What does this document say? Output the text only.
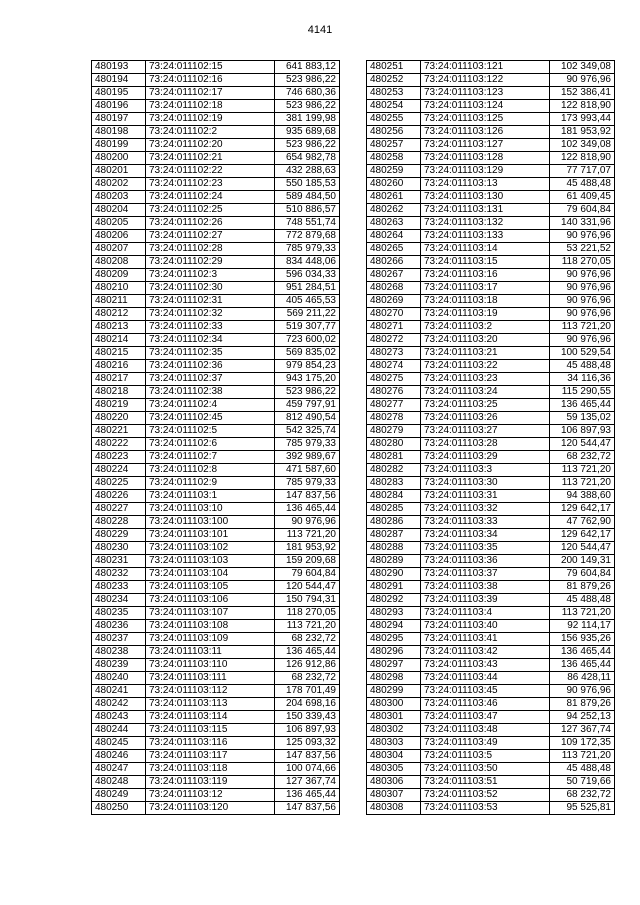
4141
480193	73:24:011102:15	641 883,12
480194	73:24:011102:16	523 986,22
480195	73:24:011102:17	746 680,36
480196	73:24:011102:18	523 986,22
480197	73:24:011102:19	381 199,98
480198	73:24:011102:2	935 689,68
480199	73:24:011102:20	523 986,22
480200	73:24:011102:21	654 982,78
480201	73:24:011102:22	432 288,63
480202	73:24:011102:23	550 185,53
480203	73:24:011102:24	589 484,50
480204	73:24:011102:25	510 886,57
480205	73:24:011102:26	748 551,74
480206	73:24:011102:27	772 879,68
480207	73:24:011102:28	785 979,33
480208	73:24:011102:29	834 448,06
480209	73:24:011102:3	596 034,33
480210	73:24:011102:30	951 284,51
480211	73:24:011102:31	405 465,53
480212	73:24:011102:32	569 211,22
480213	73:24:011102:33	519 307,77
480214	73:24:011102:34	723 600,02
480215	73:24:011102:35	569 835,02
480216	73:24:011102:36	979 854,23
480217	73:24:011102:37	943 175,20
480218	73:24:011102:38	523 986,22
480219	73:24:011102:4	459 797,91
480220	73:24:011102:45	812 490,54
480221	73:24:011102:5	542 325,74
480222	73:24:011102:6	785 979,33
480223	73:24:011102:7	392 989,67
480224	73:24:011102:8	471 587,60
480225	73:24:011102:9	785 979,33
480226	73:24:011103:1	147 837,56
480227	73:24:011103:10	136 465,44
480228	73:24:011103:100	90 976,96
480229	73:24:011103:101	113 721,20
480230	73:24:011103:102	181 953,92
480231	73:24:011103:103	159 209,68
480232	73:24:011103:104	79 604,84
480233	73:24:011103:105	120 544,47
480234	73:24:011103:106	150 794,31
480235	73:24:011103:107	118 270,05
480236	73:24:011103:108	113 721,20
480237	73:24:011103:109	68 232,72
480238	73:24:011103:11	136 465,44
480239	73:24:011103:110	126 912,86
480240	73:24:011103:111	68 232,72
480241	73:24:011103:112	178 701,49
480242	73:24:011103:113	204 698,16
480243	73:24:011103:114	150 339,43
480244	73:24:011103:115	106 897,93
480245	73:24:011103:116	125 093,32
480246	73:24:011103:117	147 837,56
480247	73:24:011103:118	100 074,66
480248	73:24:011103:119	127 367,74
480249	73:24:011103:12	136 465,44
480250	73:24:011103:120	147 837,56
480251	73:24:011103:121	102 349,08
480252	73:24:011103:122	90 976,96
480253	73:24:011103:123	152 386,41
480254	73:24:011103:124	122 818,90
480255	73:24:011103:125	173 993,44
480256	73:24:011103:126	181 953,92
480257	73:24:011103:127	102 349,08
480258	73:24:011103:128	122 818,90
480259	73:24:011103:129	77 717,07
480260	73:24:011103:13	45 488,48
480261	73:24:011103:130	61 409,45
480262	73:24:011103:131	79 604,84
480263	73:24:011103:132	140 331,96
480264	73:24:011103:133	90 976,96
480265	73:24:011103:14	53 221,52
480266	73:24:011103:15	118 270,05
480267	73:24:011103:16	90 976,96
480268	73:24:011103:17	90 976,96
480269	73:24:011103:18	90 976,96
480270	73:24:011103:19	90 976,96
480271	73:24:011103:2	113 721,20
480272	73:24:011103:20	90 976,96
480273	73:24:011103:21	100 529,54
480274	73:24:011103:22	45 488,48
480275	73:24:011103:23	34 116,36
480276	73:24:011103:24	115 290,55
480277	73:24:011103:25	136 465,44
480278	73:24:011103:26	59 135,02
480279	73:24:011103:27	106 897,93
480280	73:24:011103:28	120 544,47
480281	73:24:011103:29	68 232,72
480282	73:24:011103:3	113 721,20
480283	73:24:011103:30	113 721,20
480284	73:24:011103:31	94 388,60
480285	73:24:011103:32	129 642,17
480286	73:24:011103:33	47 762,90
480287	73:24:011103:34	129 642,17
480288	73:24:011103:35	120 544,47
480289	73:24:011103:36	200 149,31
480290	73:24:011103:37	79 604,84
480291	73:24:011103:38	81 879,26
480292	73:24:011103:39	45 488,48
480293	73:24:011103:4	113 721,20
480294	73:24:011103:40	92 114,17
480295	73:24:011103:41	156 935,26
480296	73:24:011103:42	136 465,44
480297	73:24:011103:43	136 465,44
480298	73:24:011103:44	86 428,11
480299	73:24:011103:45	90 976,96
480300	73:24:011103:46	81 879,26
480301	73:24:011103:47	94 252,13
480302	73:24:011103:48	127 367,74
480303	73:24:011103:49	109 172,35
480304	73:24:011103:5	113 721,20
480305	73:24:011103:50	45 488,48
480306	73:24:011103:51	50 719,66
480307	73:24:011103:52	68 232,72
480308	73:24:011103:53	95 525,81
